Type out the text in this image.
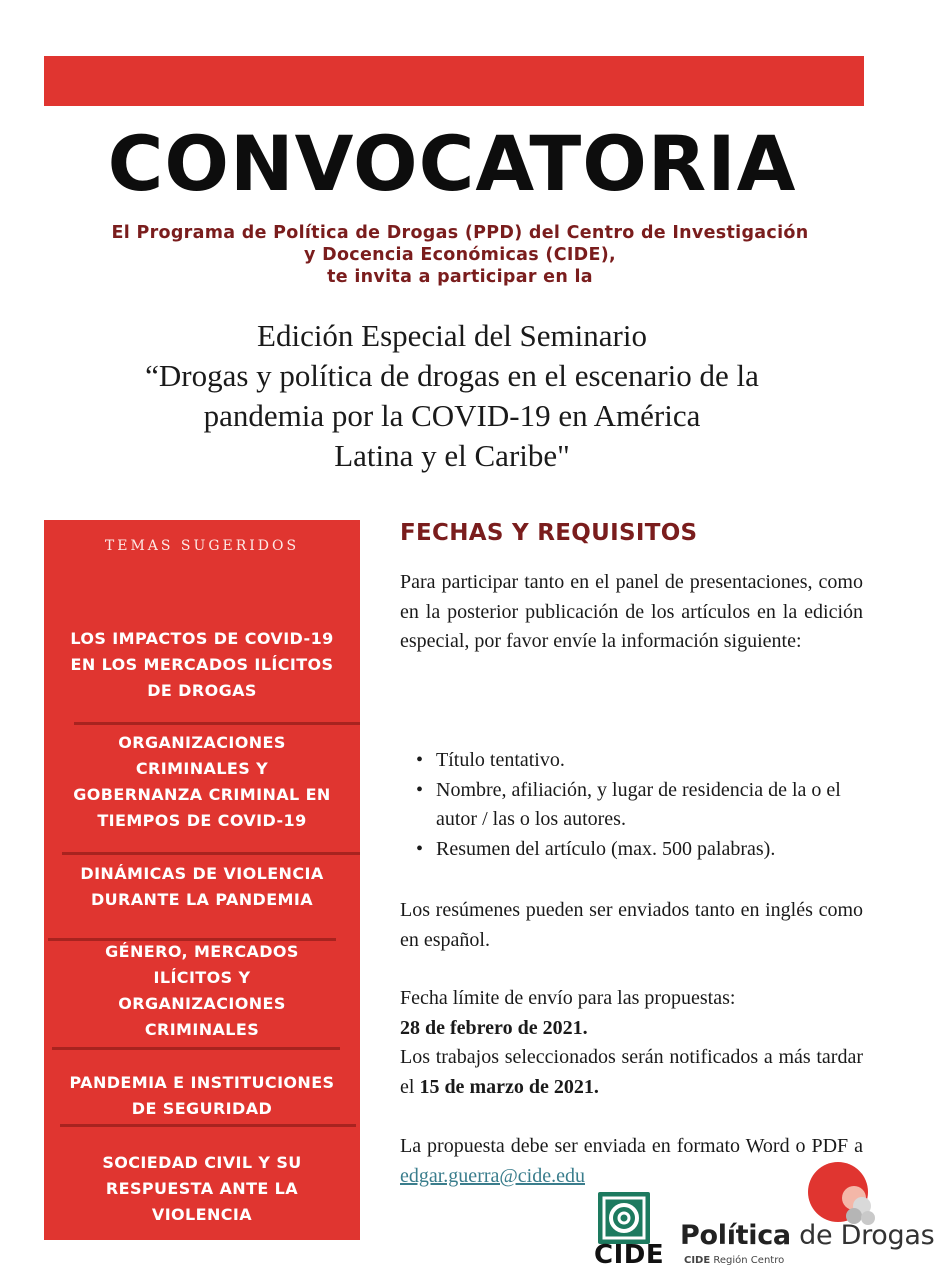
CONVOCATORIA
El Programa de Política de Drogas (PPD) del Centro de Investigación
y Docencia Económicas (CIDE),
te invita a participar en la
Edición Especial del Seminario
“Drogas y política de drogas en el escenario de la
pandemia por la COVID-19 en América
Latina y el Caribe"
TEMAS SUGERIDOS
LOS IMPACTOS DE COVID-19
EN LOS MERCADOS ILÍCITOS
DE DROGAS
ORGANIZACIONES
CRIMINALES Y
GOBERNANZA CRIMINAL EN
TIEMPOS DE COVID-19
DINÁMICAS DE VIOLENCIA
DURANTE LA PANDEMIA
GÉNERO, MERCADOS
ILÍCITOS Y
ORGANIZACIONES
CRIMINALES
PANDEMIA E INSTITUCIONES
DE SEGURIDAD
SOCIEDAD CIVIL Y SU
RESPUESTA ANTE LA
VIOLENCIA
FECHAS Y REQUISITOS

Para participar tanto en el panel de presentaciones, como en la posterior publicación de los artículos en la edición especial, por favor envíe la información siguiente:

• Título tentativo.
• Nombre, afiliación, y lugar de residencia de la o el autor / las o los autores.
• Resumen del artículo (max. 500 palabras).

Los resúmenes pueden ser enviados tanto en inglés como en español.

Fecha límite de envío para las propuestas:
28 de febrero de 2021.
Los trabajos seleccionados serán notificados a más tardar el 15 de marzo de 2021.
La propuesta debe ser enviada en formato Word o PDF a edgar.guerra@cide.edu
CIDE
Política de Drogas
CIDE Región Centro
